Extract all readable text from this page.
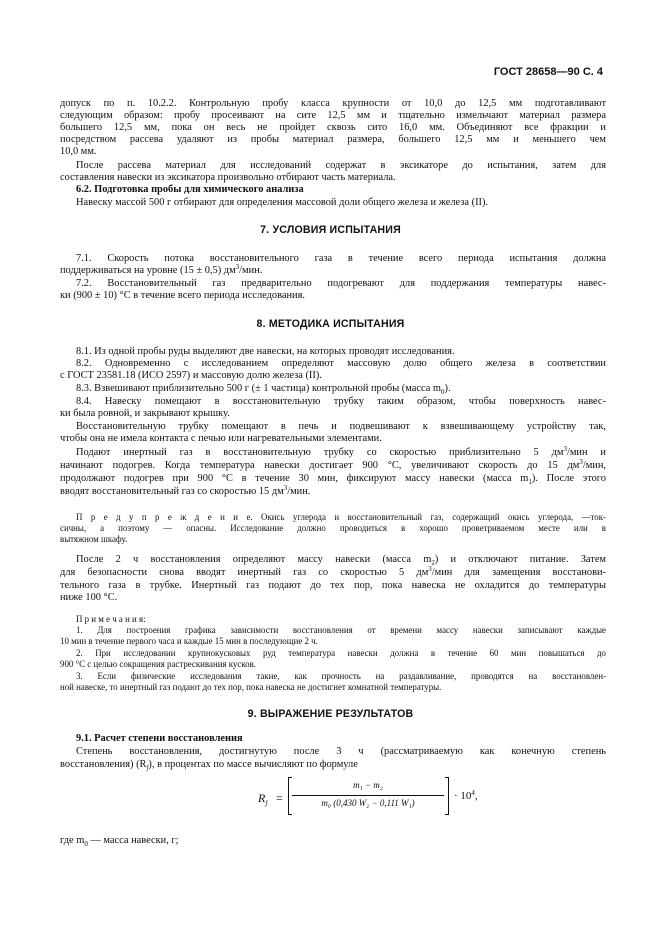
ГОСТ 28658—90 С. 4
допуск по п. 10.2.2. Контрольную пробу класса крупности от 10,0 до 12,5 мм подготавливают
следующим образом: пробу просеивают на сите 12,5 мм и тщательно измельчают материал размера
большего 12,5 мм, пока он весь не пройдет сквозь сито 16,0 мм. Объединяют все фракции и
посредством рассева удаляют из пробы материал размера, большего 12,5 мм и меньшего чем
10,0 мм.
После рассева материал для исследований содержат в эксикаторе до испытания, затем для
составления навески из эксикатора произвольно отбирают часть материала.
6.2. Подготовка пробы для химического анализа
Навеску массой 500 г отбирают для определения массовой доли общего железа и железа (II).
7. УСЛОВИЯ ИСПЫТАНИЯ
7.1. Скорость потока восстановительного газа в течение всего периода испытания должна
поддерживаться на уровне (15 ± 0,5) $дм^3$/мин.
7.2. Восстановительный газ предварительно подогревают для поддержания температуры навес-
ки (900 ± 10) °С в течение всего периода исследования.
8. МЕТОДИКА ИСПЫТАНИЯ
8.1. Из одной пробы руды выделяют две навески, на которых проводят исследования.
8.2. Одновременно с исследованием определяют массовую долю общего железа в соответствии
с ГОСТ 23581.18 (ИСО 2597) и массовую долю железа (II).
8.3. Взвешивают приблизительно 500 г (± 1 частица) контрольной пробы (масса $m_0$).
8.4. Навеску помещают в восстановительную трубку таким образом, чтобы поверхность навес-
ки была ровной, и закрывают крышку.
Восстановительную трубку помещают в печь и подвешивают к взвешивающему устройству так,
чтобы она не имела контакта с печью или нагревательными элементами.
Подают инертный газ в восстановительную трубку со скоростью приблизительно 5 $дм^3$/мин и
начинают подогрев. Когда температура навески достигает 900 °С, увеличивают скорость до 15 $дм^3$/мин,
продолжают подогрев при 900 °С в течение 30 мин, фиксируют массу навески (масса $m_1$). После этого
вводят восстановительный газ со скоростью 15 $дм^3$/мин.
П р е д у п р е ж д е н и е. Окись углерода и восстановительный газ, содержащий окись углерода, —ток-
сичны, а поэтому — опасны. Исследование должно проводиться в хорошо проветриваемом месте или в
вытяжном шкафу.
После 2 ч восстановления определяют массу навески (масса $m_2$) и отключают питание. Затем
для безопасности снова вводят инертный газ со скоростью 5 $дм^3$/мин для замещения восстанови-
тельного газа в трубке. Инертный газ подают до тех пор, пока навеска не охладится до температуры
ниже 100 °С.
П р и м е ч а н и я:
1. Для построения графика зависимости восстановления от времени массу навески записывают каждые
10 мин в течение первого часа и каждые 15 мин в последующие 2 ч.
2. При исследовании крупнокусковых руд температура навески должна в течение 60 мин повышаться до
900 °С с целью сокращения растрескивания кусков.
3. Если физические исследования такие, как прочность на раздавливание, проводятся на восстановлен-
ной навеске, то инертный газ подают до тех пор, пока навеска не достигнет комнатной температуры.
9. ВЫРАЖЕНИЕ РЕЗУЛЬТАТОВ
9.1. Расчет степени восстановления
Степень восстановления, достигнутую после 3 ч (рассматриваемую как конечную степень
восстановления) $(R_f)$, в процентах по массе вычисляют по формуле
$R_f$ =
m₁ − m₂
m₀ (0,430 W₂ − 0,111 W₁)
· $10^4$,
где $m_0$ — масса навески, г;
